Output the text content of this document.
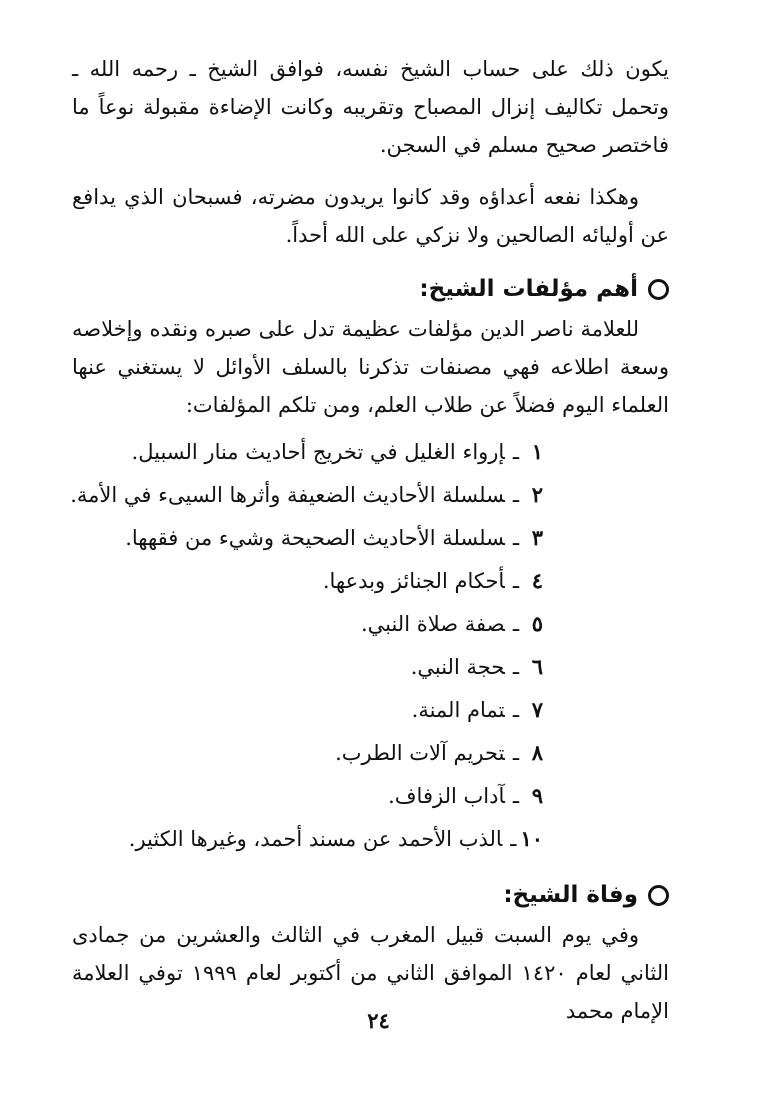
يكون ذلك على حساب الشيخ نفسه، فوافق الشيخ ـ رحمه الله ـ وتحمل تكاليف إنزال المصباح وتقريبه وكانت الإضاءة مقبولة نوعاً ما فاختصر صحيح مسلم في السجن.

وهكذا نفعه أعداؤه وقد كانوا يريدون مضرته، فسبحان الذي يدافع عن أوليائه الصالحين ولا نزكي على الله أحداً.

أهم مؤلفات الشيخ:

للعلامة ناصر الدين مؤلفات عظيمة تدل على صبره ونقده وإخلاصه وسعة اطلاعه فهي مصنفات تذكرنا بالسلف الأوائل لا يستغني عنها العلماء اليوم فضلاً عن طلاب العلم، ومن تلكم المؤلفات:

١ـإرواء الغليل في تخريج أحاديث منار السبيل.
٢ـسلسلة الأحاديث الضعيفة وأثرها السيىء في الأمة.
٣ـسلسلة الأحاديث الصحيحة وشيء من فقهها.
٤ـأحكام الجنائز وبدعها.
٥ـصفة صلاة النبي.
٦ـحجة النبي.
٧ـتمام المنة.
٨ـتحريم آلات الطرب.
٩ـآداب الزفاف.
١٠ـالذب الأحمد عن مسند أحمد، وغيرها الكثير.
وفاة الشيخ:

وفي يوم السبت قبيل المغرب في الثالث والعشرين من جمادى الثاني لعام ١٤٢٠ الموافق الثاني من أكتوبر لعام ١٩٩٩ توفي العلامة الإمام محمد

٢٤
